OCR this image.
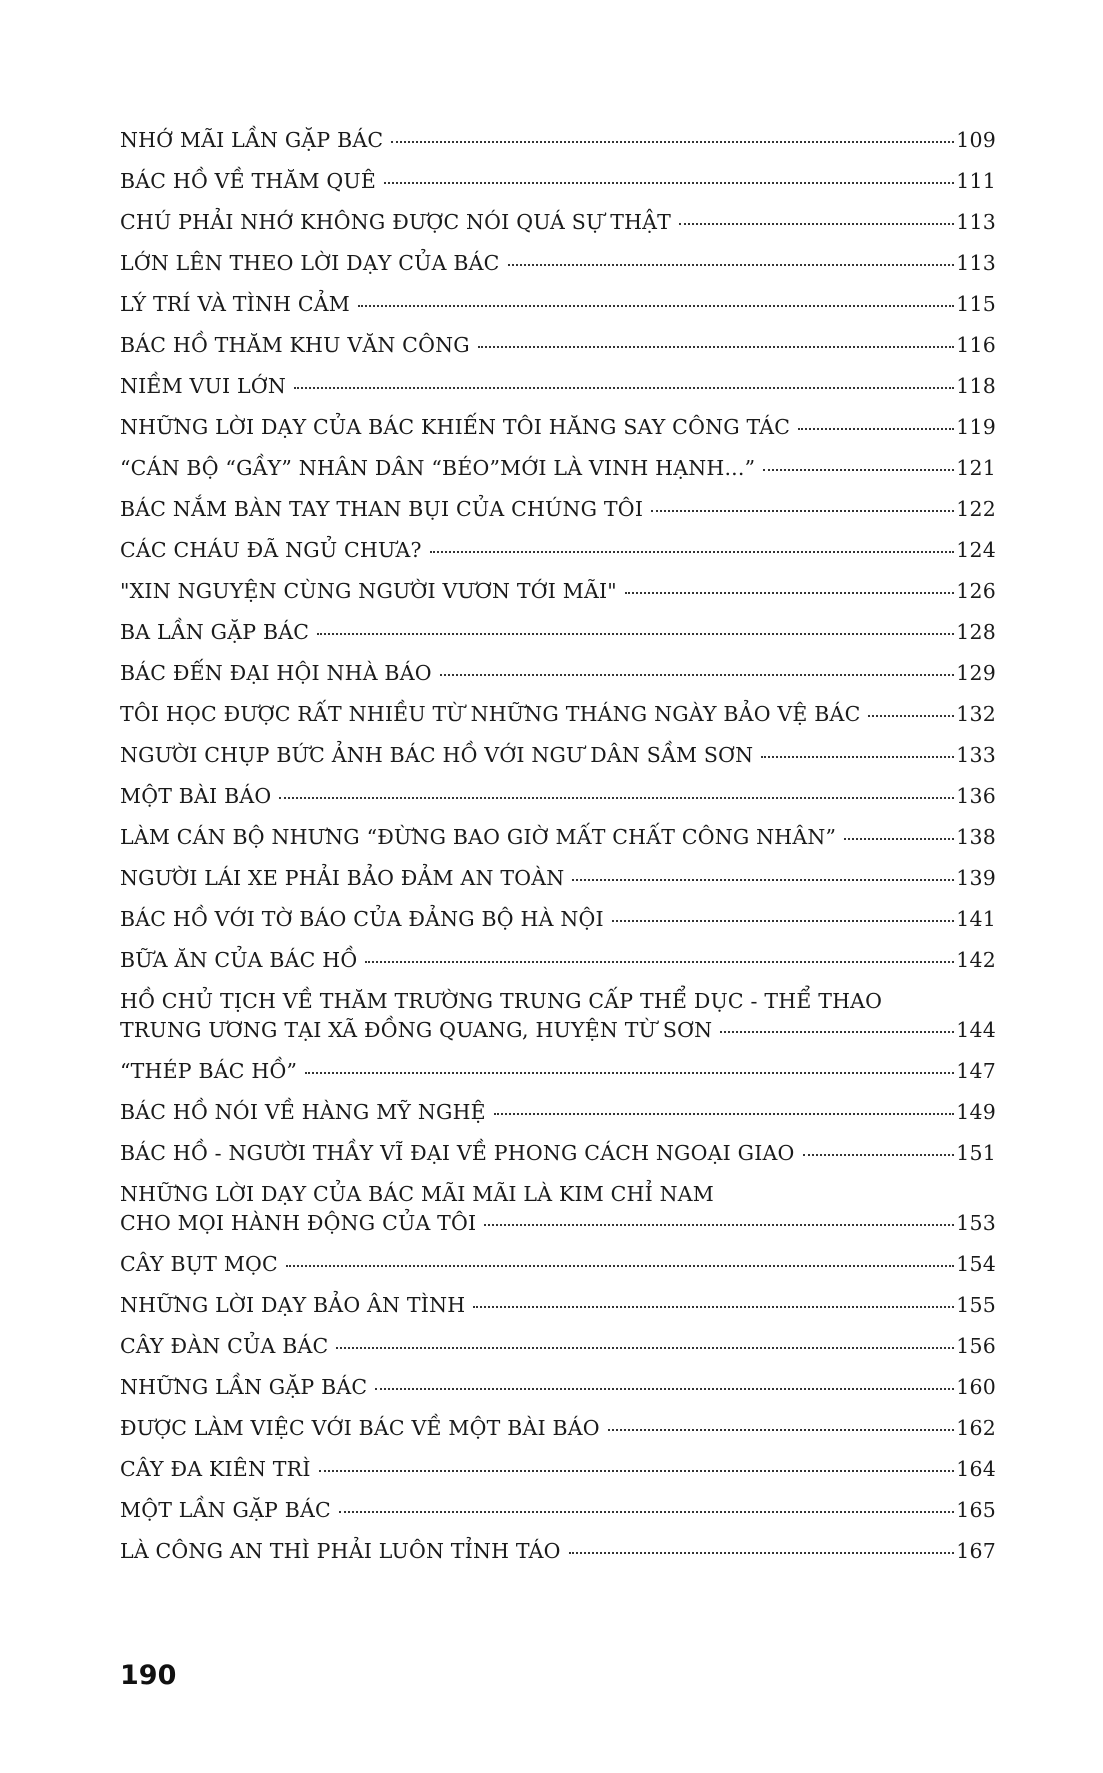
NHỚ MÃI LẦN GẶP BÁC	109
BÁC HỒ VỀ THĂM QUÊ	111
CHÚ PHẢI NHỚ KHÔNG ĐƯỢC NÓI QUÁ SỰ THẬT	113
LỚN LÊN THEO LỜI DẠY CỦA BÁC	113
LÝ TRÍ VÀ TÌNH CẢM	115
BÁC HỒ THĂM KHU VĂN CÔNG	116
NIỀM VUI LỚN	118
NHỮNG LỜI DẠY CỦA BÁC KHIẾN TÔI HĂNG SAY CÔNG TÁC	119
“CÁN BỘ “GẦY” NHÂN DÂN “BÉO”MỚI LÀ VINH HẠNH...”	121
BÁC NẮM BÀN TAY THAN BỤI CỦA CHÚNG TÔI	122
CÁC CHÁU ĐÃ NGỦ CHƯA?	124
"XIN NGUYỆN CÙNG NGƯỜI VƯƠN TỚI MÃI"	126
BA LẦN GẶP BÁC	128
BÁC ĐẾN ĐẠI HỘI NHÀ BÁO	129
TÔI HỌC ĐƯỢC RẤT NHIỀU TỪ NHỮNG THÁNG NGÀY BẢO VỆ BÁC	132
NGƯỜI CHỤP BỨC ẢNH BÁC HỒ VỚI NGƯ DÂN SẦM SƠN	133
MỘT BÀI BÁO	136
LÀM CÁN BỘ NHƯNG “ĐỪNG BAO GIỜ MẤT CHẤT CÔNG NHÂN”	138
NGƯỜI LÁI XE PHẢI BẢO ĐẢM AN TOÀN	139
BÁC HỒ VỚI TỜ BÁO CỦA ĐẢNG BỘ HÀ NỘI	141
BỮA ĂN CỦA BÁC HỒ	142
HỒ CHỦ TỊCH VỀ THĂM TRƯỜNG TRUNG CẤP THỂ DỤC - THỂ THAO
TRUNG ƯƠNG TẠI XÃ ĐỒNG QUANG, HUYỆN TỪ SƠN	144
“THÉP BÁC HỒ”	147
BÁC HỒ NÓI VỀ HÀNG MỸ NGHỆ	149
BÁC HỒ - NGƯỜI THẦY VĨ ĐẠI VỀ PHONG CÁCH NGOẠI GIAO	151
NHỮNG LỜI DẠY CỦA BÁC MÃI MÃI LÀ KIM CHỈ NAM
CHO MỌI HÀNH ĐỘNG CỦA TÔI	153
CÂY BỤT MỌC	154
NHỮNG LỜI DẠY BẢO ÂN TÌNH	155
CÂY ĐÀN CỦA BÁC	156
NHỮNG LẦN GẶP BÁC	160
ĐƯỢC LÀM VIỆC VỚI BÁC VỀ MỘT BÀI BÁO	162
CÂY ĐA KIÊN TRÌ	164
MỘT LẦN GẶP BÁC	165
LÀ CÔNG AN THÌ PHẢI LUÔN TỈNH TÁO	167
190
